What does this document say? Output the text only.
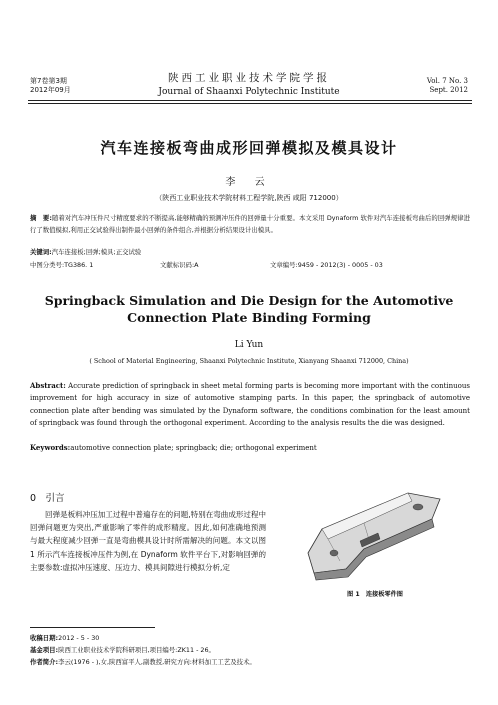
第7卷第3期
2012年09月
陕西工业职业技术学院学报
Journal of Shaanxi Polytechnic Institute
Vol. 7 No. 3
Sept. 2012
汽车连接板弯曲成形回弹模拟及模具设计
李 云
（陕西工业职业技术学院材料工程学院,陕西 咸阳 712000）
摘　要:随着对汽车冲压件尺寸精度要求的不断提高,能够精确的预测冲压件的回弹量十分重要。本文采用 Dynaform 软件对汽车连接板弯曲后的回弹规律进行了数值模拟,利用正交试验得出制件最小回弹的条件组合,并根据分析结果设计出模具。
关键词:汽车连接板;回弹;模具;正交试验
中图分类号:TG386. 1	文献标识码:A	文章编号:9459 - 2012(3) - 0005 - 03
Springback Simulation and Die Design for the Automotive
Connection Plate Binding Forming
Li Yun
( School of Material Engineering, Shaanxi Polytechnic Institute, Xianyang Shaanxi 712000, China)
Abstract: Accurate prediction of springback in sheet metal forming parts is becoming more important with the continuous improvement for high accuracy in size of automotive stamping parts. In this paper, the springback of automotive connection plate after bending was simulated by the Dynaform software, the conditions combination for the least amount of springback was found through the orthogonal experiment. According to the analysis results the die was designed.
Keywords:automotive connection plate; springback; die; orthogonal experiment
0　引言
回弹是板料冲压加工过程中普遍存在的问题,特别在弯曲成形过程中回弹问题更为突出,严重影响了零件的成形精度。因此,如何准确地预测与最大程度减少回弹一直是弯曲模具设计时所需解决的问题。本文以图 1 所示汽车连接板冲压件为例,在 Dynaform 软件平台下,对影响回弹的主要参数:虚拟冲压速度、压边力、模具间隙进行模拟分析,定
图 1　连接板零件图
收稿日期:2012 - 5 - 30
基金项目:陕西工业职业技术学院科研项目,项目编号:ZK11 - 26。
作者简介:李云(1976 - ),女,陕西富平人,副教授,研究方向:材料加工工艺及技术。
